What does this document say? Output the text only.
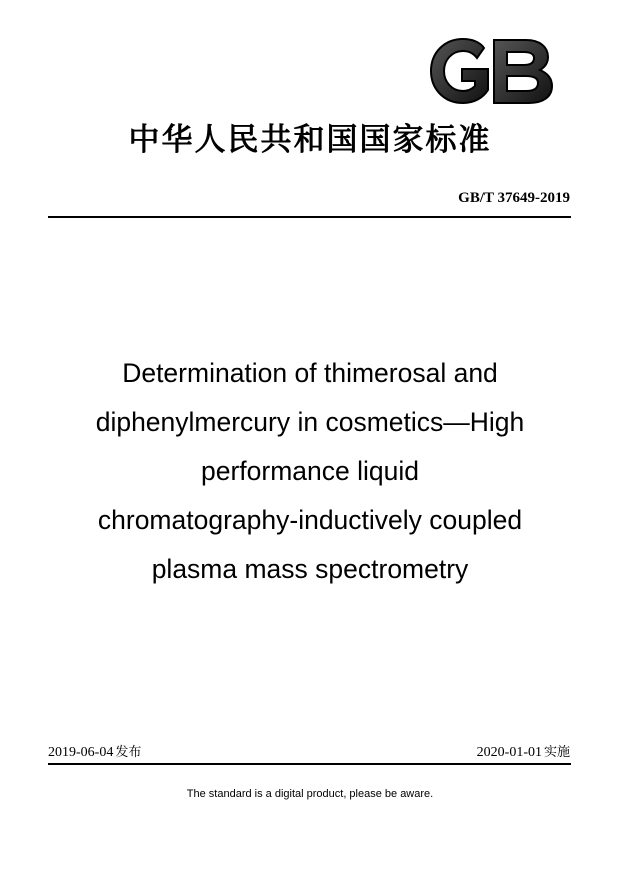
中华人民共和国国家标准
GB/T 37649-2019
Determination of thimerosal and
diphenylmercury in cosmetics—High
performance liquid
chromatography-inductively coupled
plasma mass spectrometry
2019-06-04 发布	2020-01-01 实施
The standard is a digital product, please be aware.
